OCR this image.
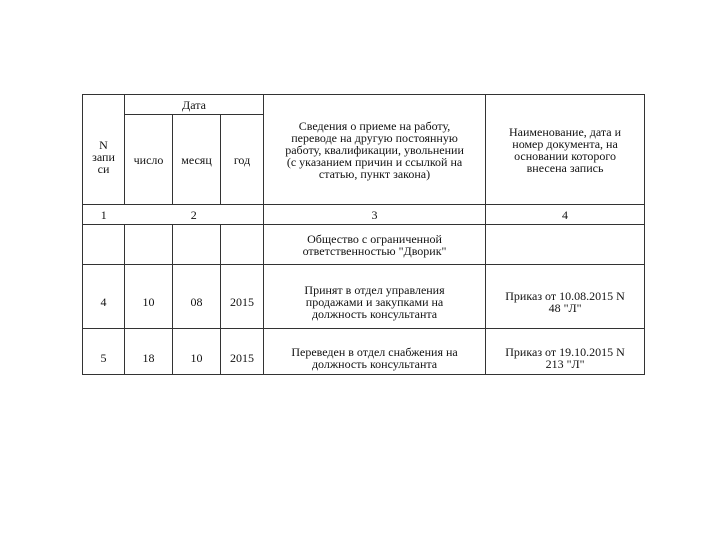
N
запи
си	Дата			Сведения о приеме на работу,
переводе на другую постоянную
работу, квалификации, увольнении
(с указанием причин и ссылкой на
статью, пункт закона)	Наименование, дата и
номер документа, на
основании которого
внесена запись

	число	месяц	год		
1	2			3	4

				Общество с ограниченной
ответственностью "Дворик"	

4	10	08	2015	Принят в отдел управления
продажами и закупками на
должность консультанта	Приказ от 10.08.2015 N
48 "Л"

5	18	10	2015	Переведен в отдел снабжения на
должность консультанта	Приказ от 19.10.2015 N
213 "Л"
